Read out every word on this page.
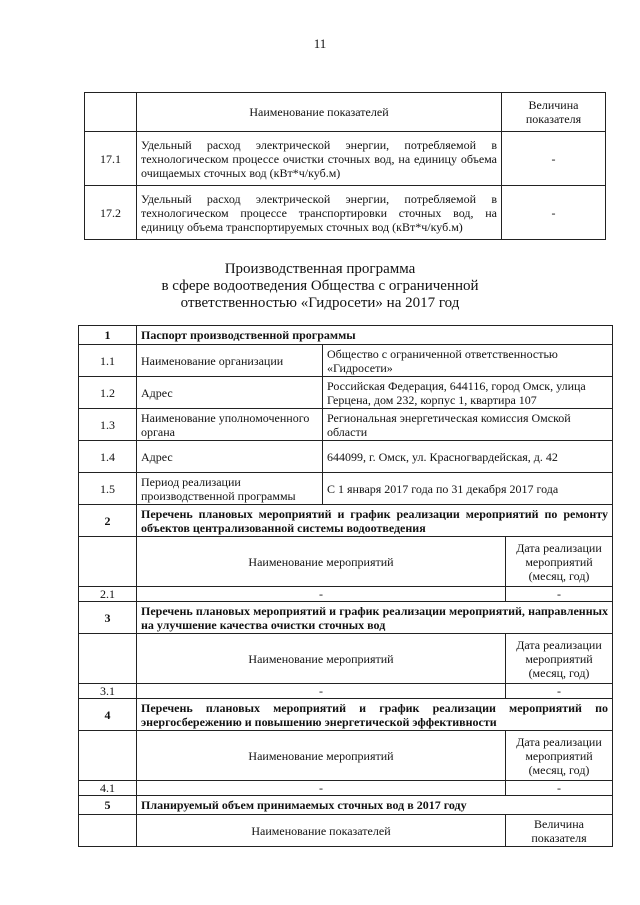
11
	Наименование показателей	Величина показателя
17.1	Удельный расход электрической энергии, потребляемой в технологическом процессе очистки сточных вод, на единицу объема очищаемых сточных вод (кВт*ч/куб.м)	-
17.2	Удельный расход электрической энергии, потребляемой в технологическом процессе транспортировки сточных вод, на единицу объема транспортируемых сточных вод (кВт*ч/куб.м)	-
Производственная программа
в сфере водоотведения Общества с ограниченной
ответственностью «Гидросети» на 2017 год
1	Паспорт производственной программы		
1.1	Наименование организации	Общество с ограниченной ответственностью «Гидросети»	
1.2	Адрес	Российская Федерация, 644116, город Омск, улица Герцена, дом 232, корпус 1, квартира 107	
1.3	Наименование уполномоченного органа	Региональная энергетическая комиссия Омской области	
1.4	Адрес	644099, г. Омск, ул. Красногвардейская, д. 42	
1.5	Период реализации производственной программы	С 1 января 2017 года по 31 декабря 2017 года	
2	Перечень плановых мероприятий и график реализации мероприятий по ремонту объектов централизованной системы водоотведения		
	Наименование мероприятий		Дата реализации мероприятий (месяц, год)
2.1	-		-
3	Перечень плановых мероприятий и график реализации мероприятий, направленных на улучшение качества очистки сточных вод		
	Наименование мероприятий		Дата реализации мероприятий (месяц, год)
3.1	-		-
4	Перечень плановых мероприятий и график реализации мероприятий по энергосбережению и повышению энергетической эффективности		
	Наименование мероприятий		Дата реализации мероприятий (месяц, год)
4.1	-		-
5	Планируемый объем принимаемых сточных вод в 2017 году		
	Наименование показателей		Величина показателя
